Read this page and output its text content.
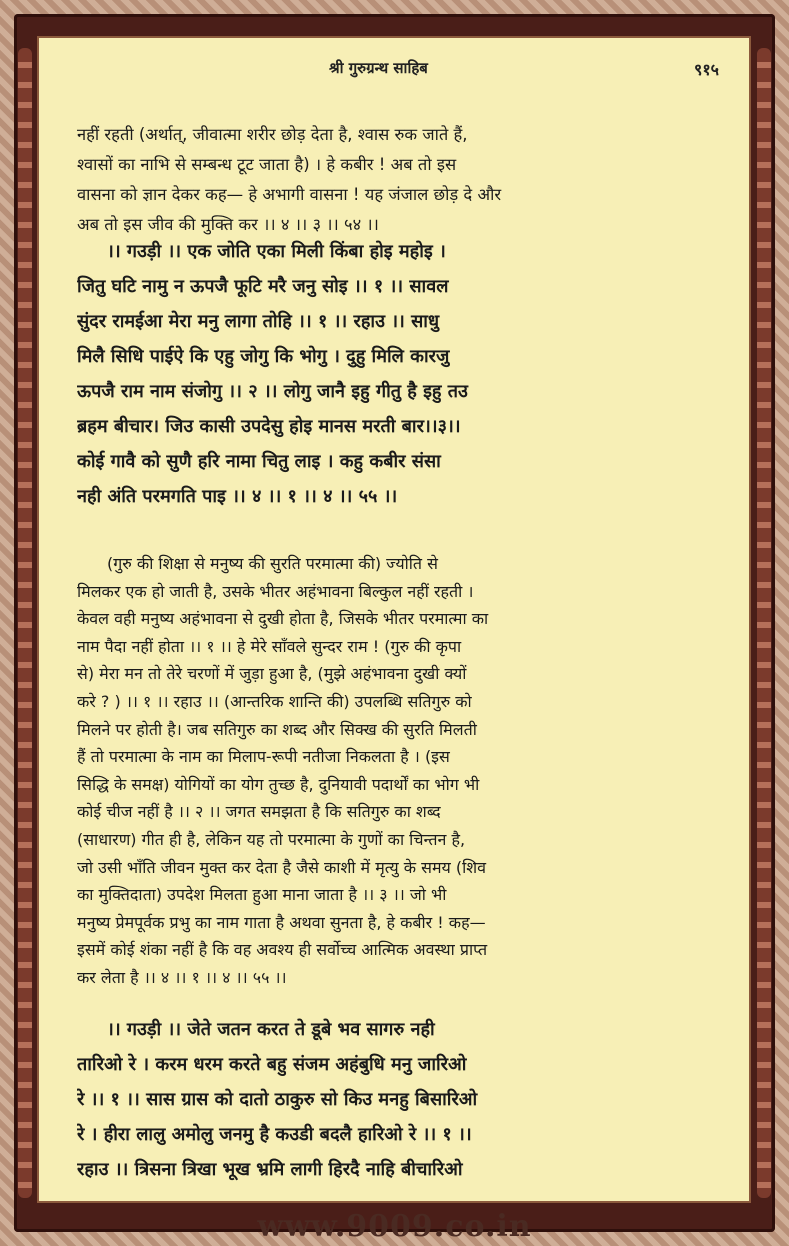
श्री गुरुग्रन्थ साहिब	९१५
नहीं रहती (अर्थात्, जीवात्मा शरीर छोड़ देता है, श्वास रुक जाते हैं,
श्वासों का नाभि से सम्बन्ध टूट जाता है) । हे कबीर ! अब तो इस
वासना को ज्ञान देकर कह— हे अभागी वासना ! यह जंजाल छोड़ दे और
अब तो इस जीव की मुक्ति कर ।। ४ ।। ३ ।। ५४ ।।
।। गउड़ी ।। एक जोति एका मिली किंबा होइ महोइ ।
जितु घटि नामु न ऊपजै फूटि मरै जनु सोइ ।। १ ।। सावल
सुंदर रामईआ मेरा मनु लागा तोहि ।। १ ।। रहाउ ।। साधु
मिलै सिधि पाईऐ कि एहु जोगु कि भोगु । दुहु मिलि कारजु
ऊपजै राम नाम संजोगु ।। २ ।। लोगु जानै इहु गीतु है इहु तउ
ब्रहम बीचार। जिउ कासी उपदेसु होइ मानस मरती बार।।३।।
कोई गावै को सुणै हरि नामा चितु लाइ । कहु कबीर संसा
नही अंति परमगति पाइ ।। ४ ।। १ ।। ४ ।। ५५ ।।
(गुरु की शिक्षा से मनुष्य की सुरति परमात्मा की) ज्योति से
मिलकर एक हो जाती है, उसके भीतर अहंभावना बिल्कुल नहीं रहती ।
केवल वही मनुष्य अहंभावना से दुखी होता है, जिसके भीतर परमात्मा का
नाम पैदा नहीं होता ।। १ ।। हे मेरे साँवले सुन्दर राम ! (गुरु की कृपा
से) मेरा मन तो तेरे चरणों में जुड़ा हुआ है, (मुझे अहंभावना दुखी क्यों
करे ? ) ।। १ ।। रहाउ ।। (आन्तरिक शान्ति की) उपलब्धि सतिगुरु को
मिलने पर होती है। जब सतिगुरु का शब्द और सिक्ख की सुरति मिलती
हैं तो परमात्मा के नाम का मिलाप-रूपी नतीजा निकलता है । (इस
सिद्धि के समक्ष) योगियों का योग तुच्छ है, दुनियावी पदार्थों का भोग भी
कोई चीज नहीं है ।। २ ।। जगत समझता है कि सतिगुरु का शब्द
(साधारण) गीत ही है, लेकिन यह तो परमात्मा के गुणों का चिन्तन है,
जो उसी भाँति जीवन मुक्त कर देता है जैसे काशी में मृत्यु के समय (शिव
का मुक्तिदाता) उपदेश मिलता हुआ माना जाता है ।। ३ ।। जो भी
मनुष्य प्रेमपूर्वक प्रभु का नाम गाता है अथवा सुनता है, हे कबीर ! कह—
इसमें कोई शंका नहीं है कि वह अवश्य ही सर्वोच्च आत्मिक अवस्था प्राप्त
कर लेता है ।। ४ ।। १ ।। ४ ।। ५५ ।।
।। गउड़ी ।। जेते जतन करत ते डूबे भव सागरु नही
तारिओ रे । करम धरम करते बहु संजम अहंबुधि मनु जारिओ
रे ।। १ ।। सास ग्रास को दातो ठाकुरु सो किउ मनहु बिसारिओ
रे । हीरा लालु अमोलु जनमु है कउडी बदलै हारिओ रे ।। १ ।।
रहाउ ।। त्रिसना त्रिखा भूख भ्रमि लागी हिरदै नाहि बीचारिओ
www.9009.co.in
